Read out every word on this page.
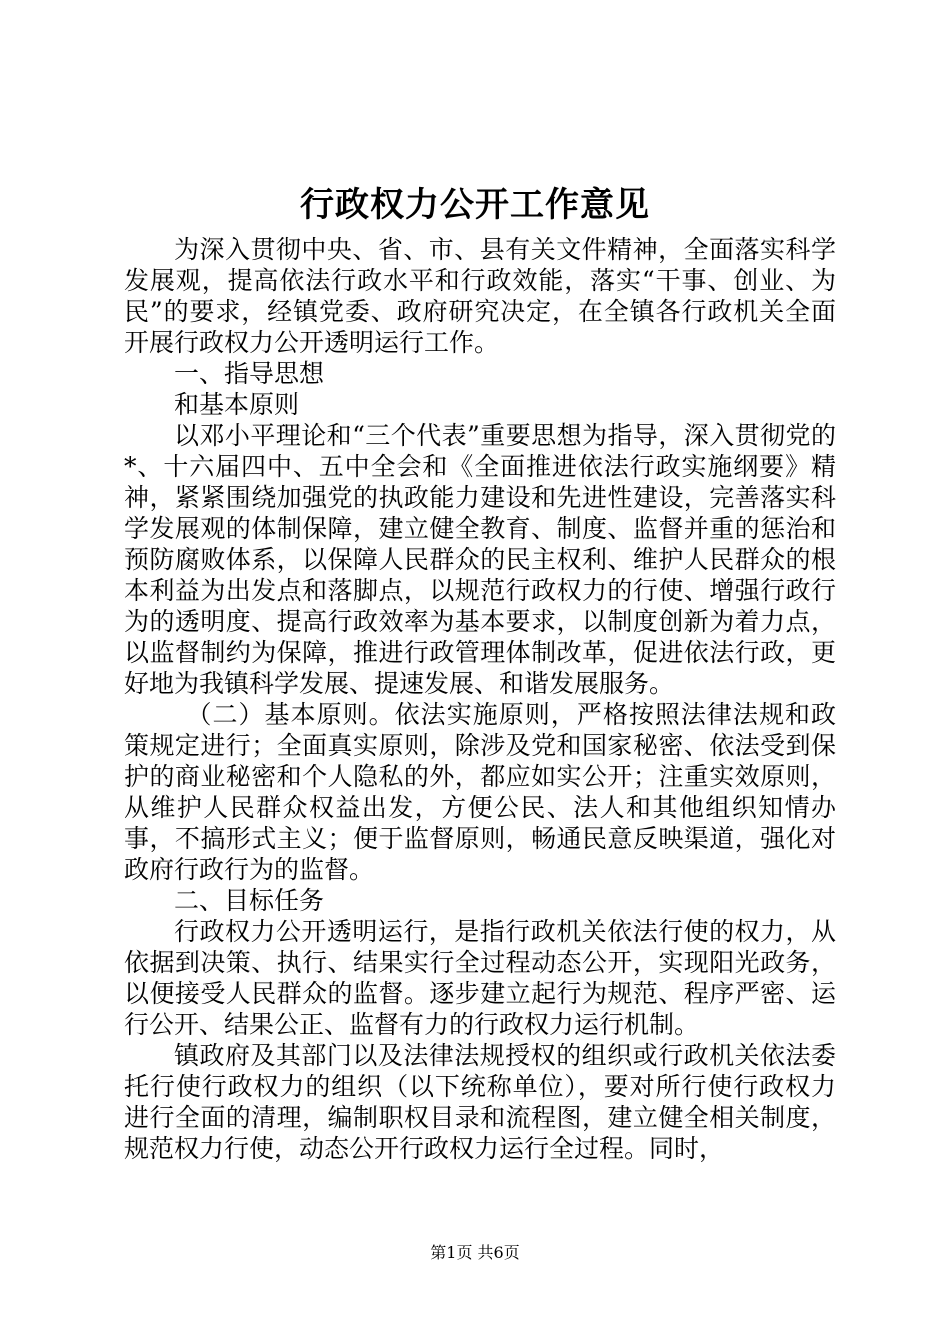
行政权力公开工作意见

为深入贯彻中央、省、市、县有关文件精神，全面落实科学发展观，提高依法行政水平和行政效能，落实“干事、创业、为民”的要求，经镇党委、政府研究决定，在全镇各行政机关全面开展行政权力公开透明运行工作。

一、指导思想

和基本原则

以邓小平理论和“三个代表”重要思想为指导，深入贯彻党的*、十六届四中、五中全会和《全面推进依法行政实施纲要》精神，紧紧围绕加强党的执政能力建设和先进性建设，完善落实科学发展观的体制保障，建立健全教育、制度、监督并重的惩治和预防腐败体系，以保障人民群众的民主权利、维护人民群众的根本利益为出发点和落脚点，以规范行政权力的行使、增强行政行为的透明度、提高行政效率为基本要求，以制度创新为着力点，以监督制约为保障，推进行政管理体制改革，促进依法行政，更好地为我镇科学发展、提速发展、和谐发展服务。

（二）基本原则。依法实施原则，严格按照法律法规和政策规定进行；全面真实原则，除涉及党和国家秘密、依法受到保护的商业秘密和个人隐私的外，都应如实公开；注重实效原则，从维护人民群众权益出发，方便公民、法人和其他组织知情办事，不搞形式主义；便于监督原则，畅通民意反映渠道，强化对政府行政行为的监督。

二、目标任务

行政权力公开透明运行，是指行政机关依法行使的权力，从依据到决策、执行、结果实行全过程动态公开，实现阳光政务，以便接受人民群众的监督。逐步建立起行为规范、程序严密、运行公开、结果公正、监督有力的行政权力运行机制。

镇政府及其部门以及法律法规授权的组织或行政机关依法委托行使行政权力的组织（以下统称单位），要对所行使行政权力进行全面的清理，编制职权目录和流程图，建立健全相关制度，规范权力行使，动态公开行政权力运行全过程。同时，

第1页 共6页
